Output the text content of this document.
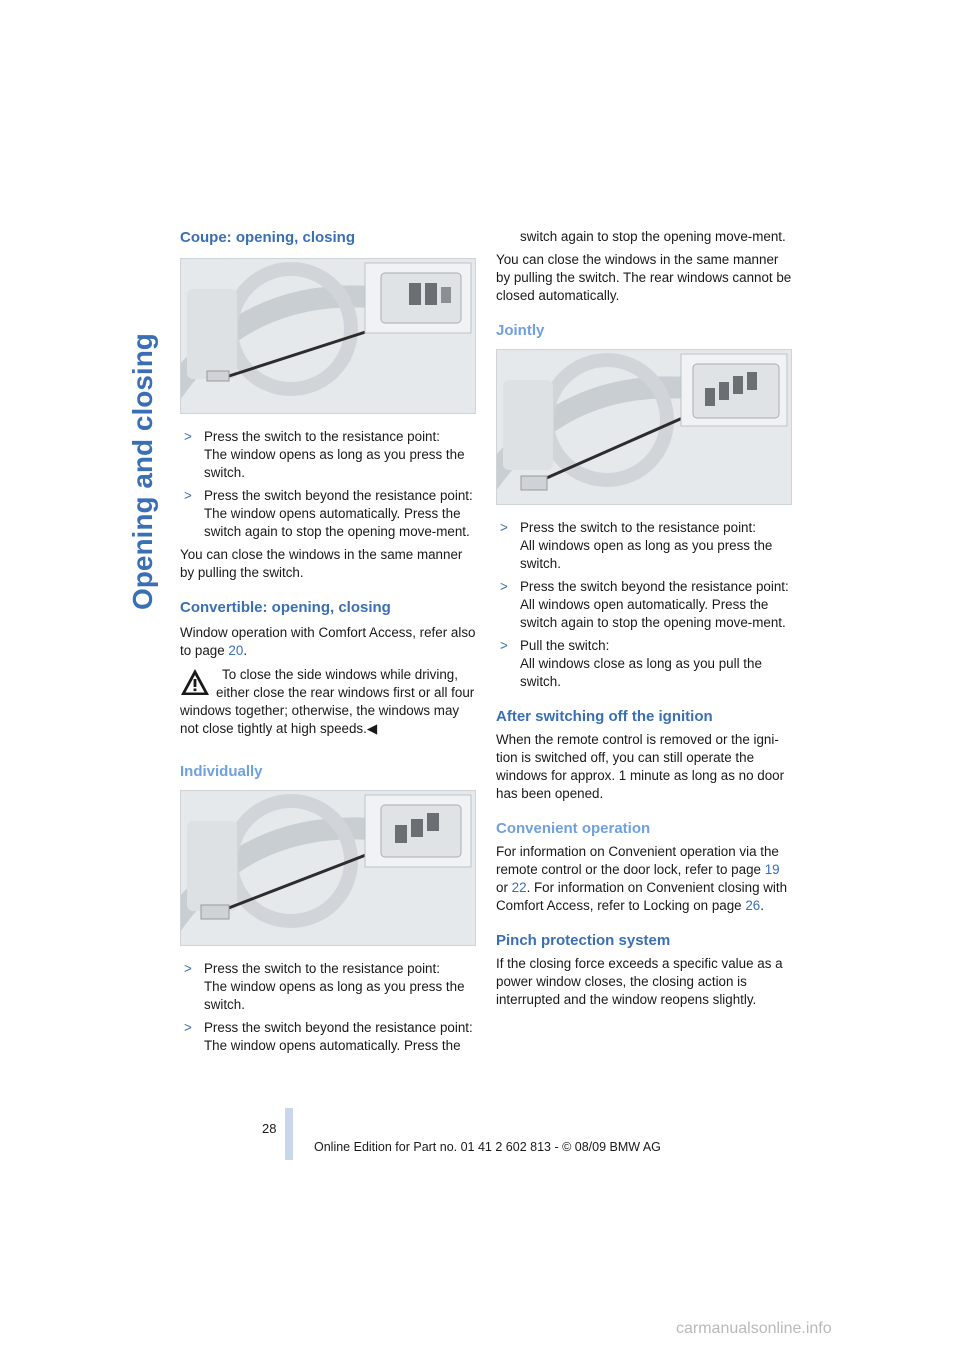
Opening and closing
Coupe: opening, closing

> Press the switch to the resistance point:
The window opens as long as you press the switch.

> Press the switch beyond the resistance point:
The window opens automatically. Press the switch again to stop the opening move-ment.

You can close the windows in the same manner by pulling the switch.

Convertible: opening, closing

Window operation with Comfort Access, refer also to page 20.

To close the side windows while driving, either close the rear windows first or all four windows together; otherwise, the windows may not close tightly at high speeds.◀

Individually

> Press the switch to the resistance point:
The window opens as long as you press the switch.

> Press the switch beyond the resistance point:
The window opens automatically. Press the

switch again to stop the opening move-ment.

You can close the windows in the same manner by pulling the switch. The rear windows cannot be closed automatically.

Jointly

> Press the switch to the resistance point:
All windows open as long as you press the switch.

> Press the switch beyond the resistance point:
All windows open automatically. Press the switch again to stop the opening move-ment.

> Pull the switch:
All windows close as long as you pull the switch.

After switching off the ignition

When the remote control is removed or the igni-tion is switched off, you can still operate the windows for approx. 1 minute as long as no door has been opened.

Convenient operation

For information on Convenient operation via the remote control or the door lock, refer to page 19 or 22. For information on Convenient closing with Comfort Access, refer to Locking on page 26.

Pinch protection system

If the closing force exceeds a specific value as a power window closes, the closing action is interrupted and the window reopens slightly.

28
Online Edition for Part no. 01 41 2 602 813 - © 08/09 BMW AG
carmanualsonline.info
